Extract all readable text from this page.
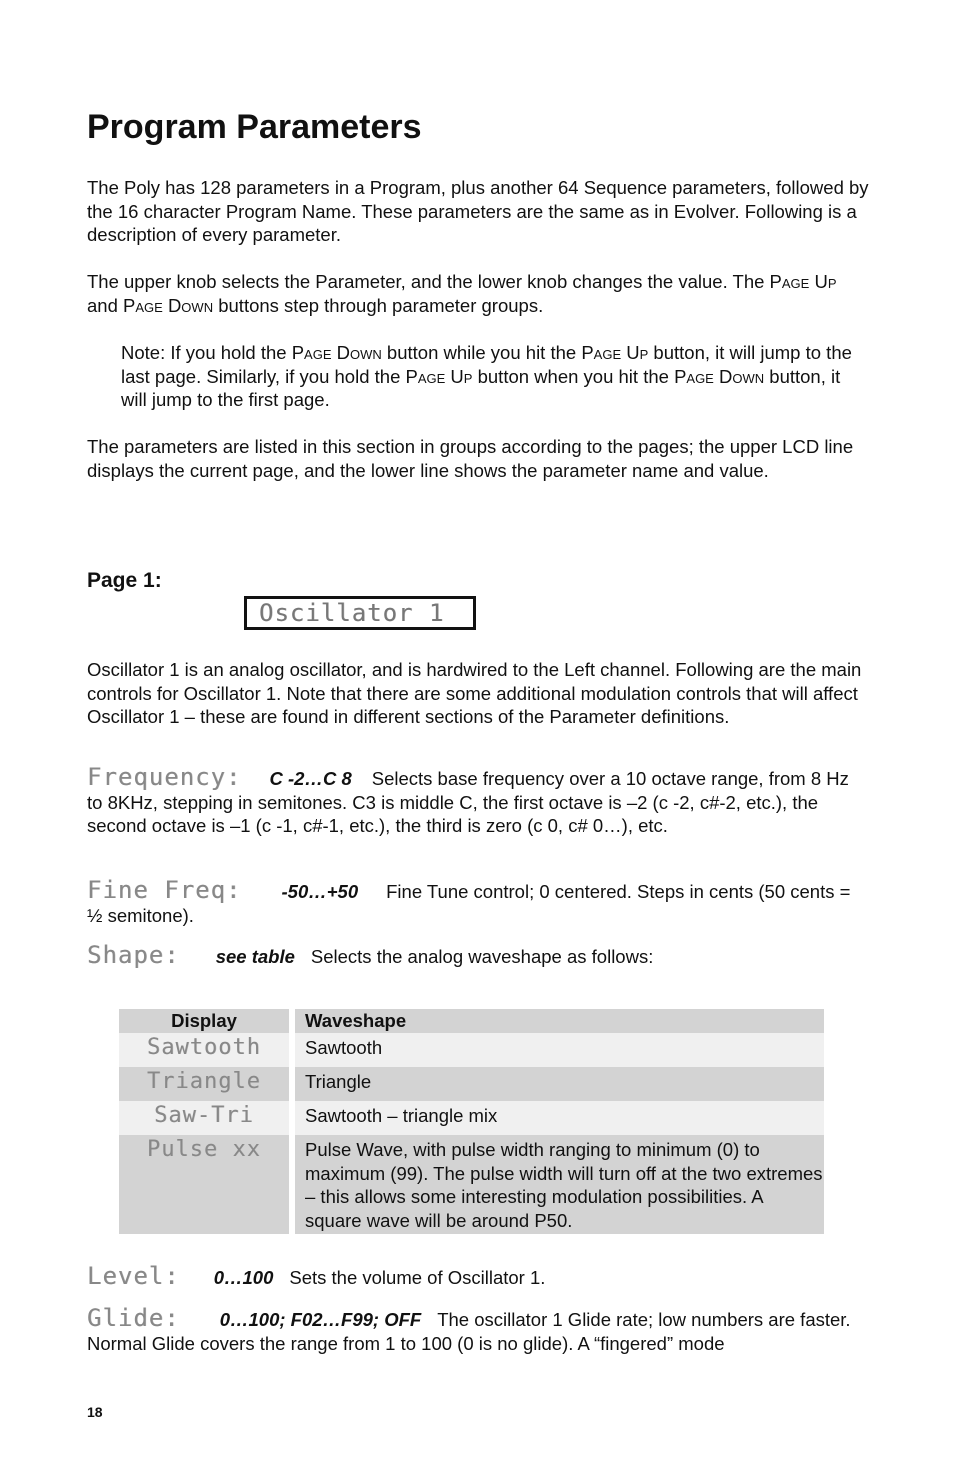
Program Parameters
The Poly has 128 parameters in a Program, plus another 64 Sequence parameters, followed by the 16 character Program Name. These parameters are the same as in Evolver. Following is a description of every parameter.
The upper knob selects the Parameter, and the lower knob changes the value. The Page Up and Page Down buttons step through parameter groups.
Note: If you hold the Page Down button while you hit the Page Up button, it will jump to the last page. Similarly, if you hold the Page Up button when you hit the Page Down button, it will jump to the first page.
The parameters are listed in this section in groups according to the pages; the upper LCD line displays the current page, and the lower line shows the parameter name and value.
Page 1:
Oscillator 1
Oscillator 1 is an analog oscillator, and is hardwired to the Left channel. Following are the main controls for Oscillator 1. Note that there are some additional modulation controls that will affect Oscillator 1 – these are found in different sections of the Parameter definitions.
Frequency: C -2…C 8 Selects base frequency over a 10 octave range, from 8 Hz to 8KHz, stepping in semitones. C3 is middle C, the first octave is –2 (c -2, c#-2, etc.), the second octave is –1 (c -1, c#-1, etc.), the third is zero (c 0, c# 0…), etc.
Fine Freq: -50…+50 Fine Tune control; 0 centered. Steps in cents (50 cents = ½ semitone).
Shape: see table Selects the analog waveshape as follows:
Display		Waveshape
Sawtooth		Sawtooth
Triangle		Triangle
Saw-Tri		Sawtooth – triangle mix
Pulse xx		Pulse Wave, with pulse width ranging to minimum (0) to maximum (99). The pulse width will turn off at the two extremes – this allows some interesting modulation possibilities. A square wave will be around P50.
Level: 0…100 Sets the volume of Oscillator 1.
Glide: 0…100; F02…F99; OFF The oscillator 1 Glide rate; low numbers are faster. Normal Glide covers the range from 1 to 100 (0 is no glide). A “fingered” mode
18
